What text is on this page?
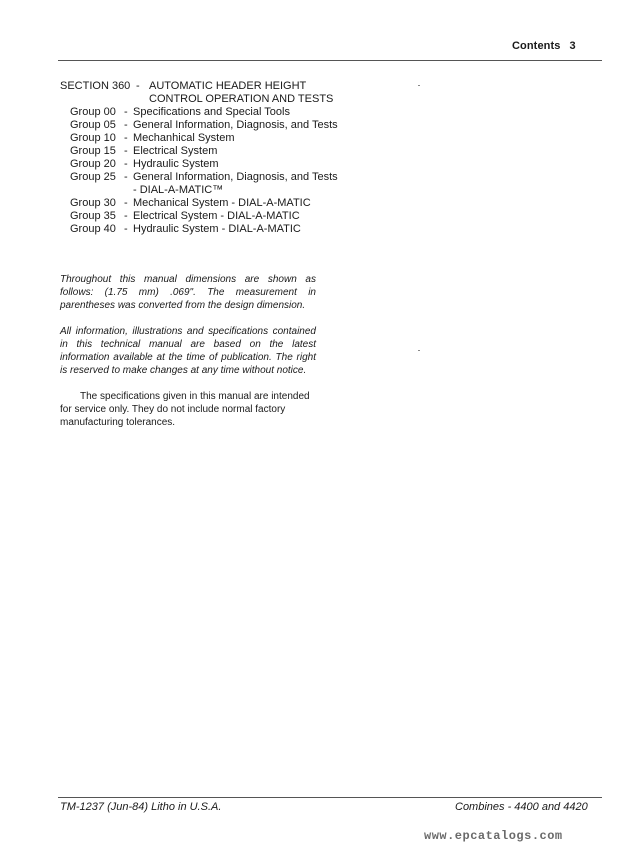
Contents 3
SECTION 360 - AUTOMATIC HEADER HEIGHT CONTROL OPERATION AND TESTS
Group 00 - Specifications and Special Tools
Group 05 - General Information, Diagnosis, and Tests
Group 10 - Mechanhical System
Group 15 - Electrical System
Group 20 - Hydraulic System
Group 25 - General Information, Diagnosis, and Tests - DIAL-A-MATIC™
Group 30 - Mechanical System - DIAL-A-MATIC
Group 35 - Electrical System - DIAL-A-MATIC
Group 40 - Hydraulic System - DIAL-A-MATIC

Throughout this manual dimensions are shown as follows: (1.75 mm) .069". The measurement in parentheses was converted from the design dimension.

All information, illustrations and specifications contained in this technical manual are based on the latest information available at the time of publication. The right is reserved to make changes at any time without notice.

The specifications given in this manual are intended for service only. They do not include normal factory manufacturing tolerances.

TM-1237 (Jun-84) Litho in U.S.A.	Combines - 4400 and 4420
www.epcatalogs.com
